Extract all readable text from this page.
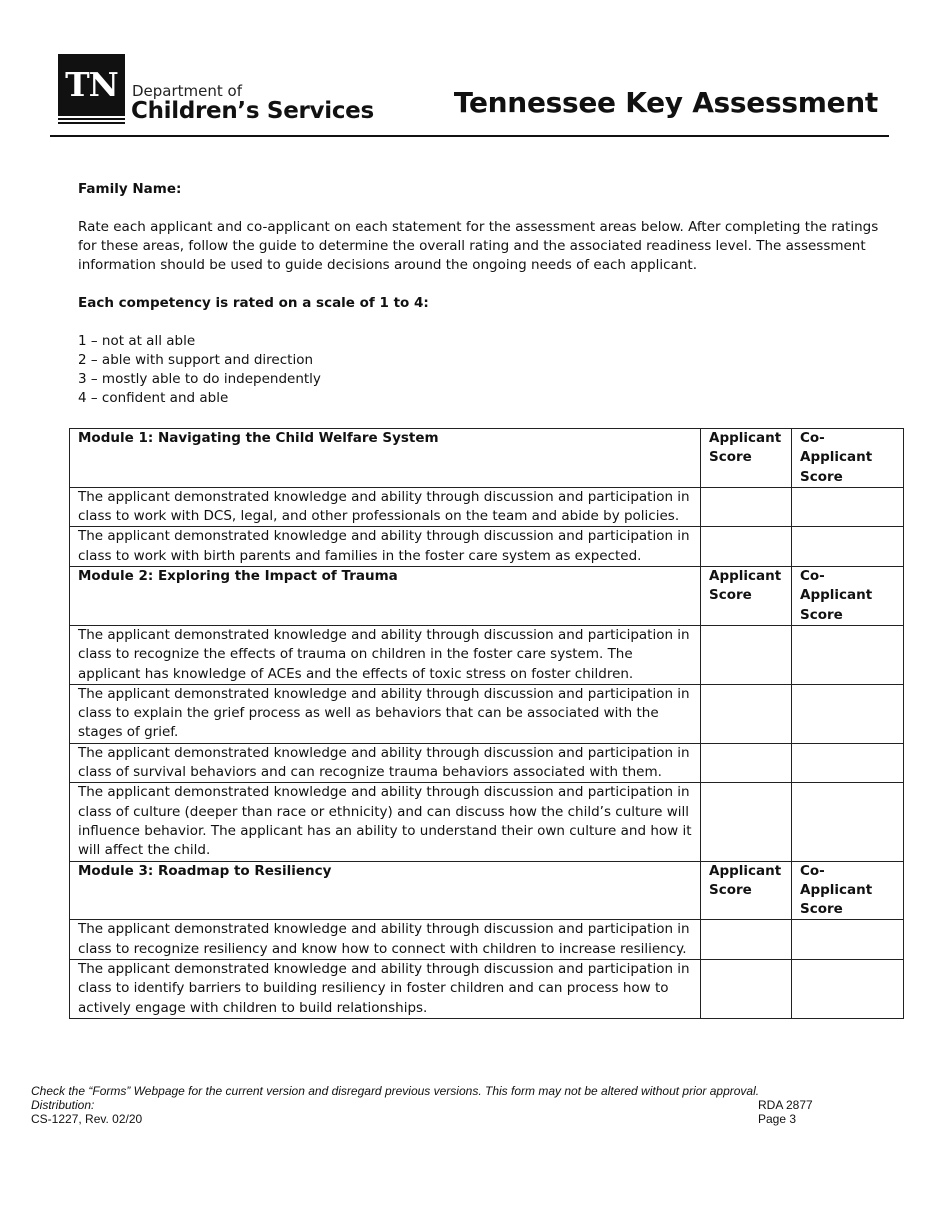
TN Department of
Children’s Services	Tennessee Key Assessment
Family Name:
Rate each applicant and co-applicant on each statement for the assessment areas below. After completing the ratings for these areas, follow the guide to determine the overall rating and the associated readiness level. The assessment information should be used to guide decisions around the ongoing needs of each applicant.
Each competency is rated on a scale of 1 to 4:
1 – not at all able
2 – able with support and direction
3 – mostly able to do independently
4 – confident and able
Module 1: Navigating the Child Welfare System	Applicant Score	Co-Applicant Score
The applicant demonstrated knowledge and ability through discussion and participation in class to work with DCS, legal, and other professionals on the team and abide by policies.		
The applicant demonstrated knowledge and ability through discussion and participation in class to work with birth parents and families in the foster care system as expected.		
Module 2: Exploring the Impact of Trauma	Applicant Score	Co-Applicant Score
The applicant demonstrated knowledge and ability through discussion and participation in class to recognize the effects of trauma on children in the foster care system. The applicant has knowledge of ACEs and the effects of toxic stress on foster children.		
The applicant demonstrated knowledge and ability through discussion and participation in class to explain the grief process as well as behaviors that can be associated with the stages of grief.		
The applicant demonstrated knowledge and ability through discussion and participation in class of survival behaviors and can recognize trauma behaviors associated with them.		
The applicant demonstrated knowledge and ability through discussion and participation in class of culture (deeper than race or ethnicity) and can discuss how the child’s culture will influence behavior. The applicant has an ability to understand their own culture and how it will affect the child.		
Module 3: Roadmap to Resiliency	Applicant Score	Co-Applicant Score
The applicant demonstrated knowledge and ability through discussion and participation in class to recognize resiliency and know how to connect with children to increase resiliency.		
The applicant demonstrated knowledge and ability through discussion and participation in class to identify barriers to building resiliency in foster children and can process how to actively engage with children to build relationships.		
Check the “Forms” Webpage for the current version and disregard previous versions. This form may not be altered without prior approval.
Distribution:	RDA 2877
CS-1227, Rev. 02/20	Page 3
